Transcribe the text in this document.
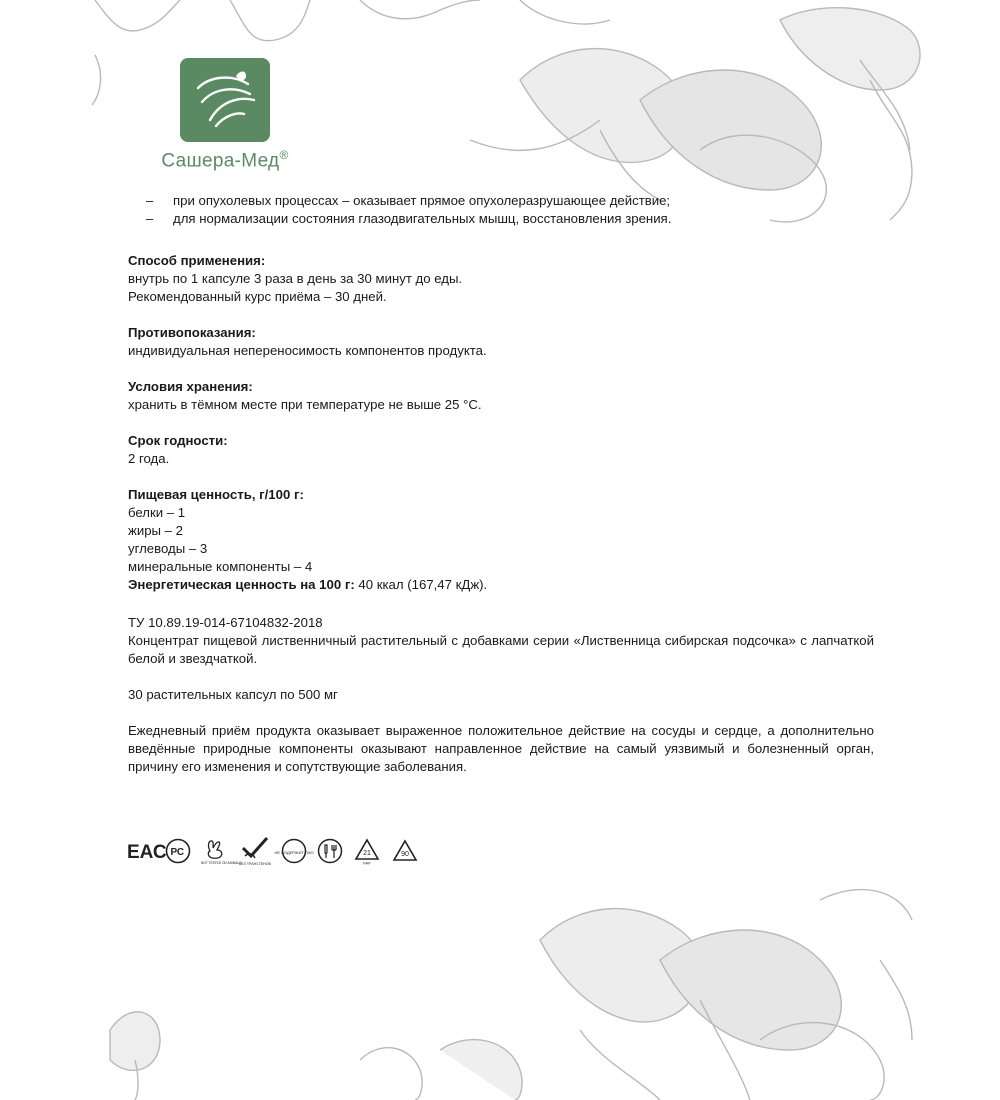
Сашера-Мед®
–	при опухолевых процессах – оказывает прямое опухолеразрушающее действие;
–	для нормализации состояния глазодвигательных мышц, восстановления зрения.
Способ применения:
внутрь по 1 капсуле 3 раза в день за 30 минут до еды.
Рекомендованный курс приёма – 30 дней.
Противопоказания:
индивидуальная непереносимость компонентов продукта.
Условия хранения:
хранить в тёмном месте при температуре не выше 25 °С.
Срок годности:
2 года.
Пищевая ценность, г/100 г:
белки – 1
жиры – 2
углеводы – 3
минеральные компоненты – 4
Энергетическая ценность на 100 г: 40 ккал (167,47 кДж).
ТУ 10.89.19-014-67104832-2018
Концентрат пищевой лиственничный растительный с добавками серии «Лиственница сибирская подсочка» с лапчаткой белой и звездчаткой.
30 растительных капсул по 500 мг
Ежедневный приём продукта оказывает выраженное положительное действие на сосуды и сердце, а дополнительно введённые природные компоненты оказывают направленное действие на самый уязвимый и болезненный орган, причину его изменения и сопутствующие заболевания.
ЕАС РС
NOT TESTED ON ANIMALS
БЕЗ ТРАНСГЕНОВ
НЕ СОДЕРЖИТ ГМО	21
PAP
90
